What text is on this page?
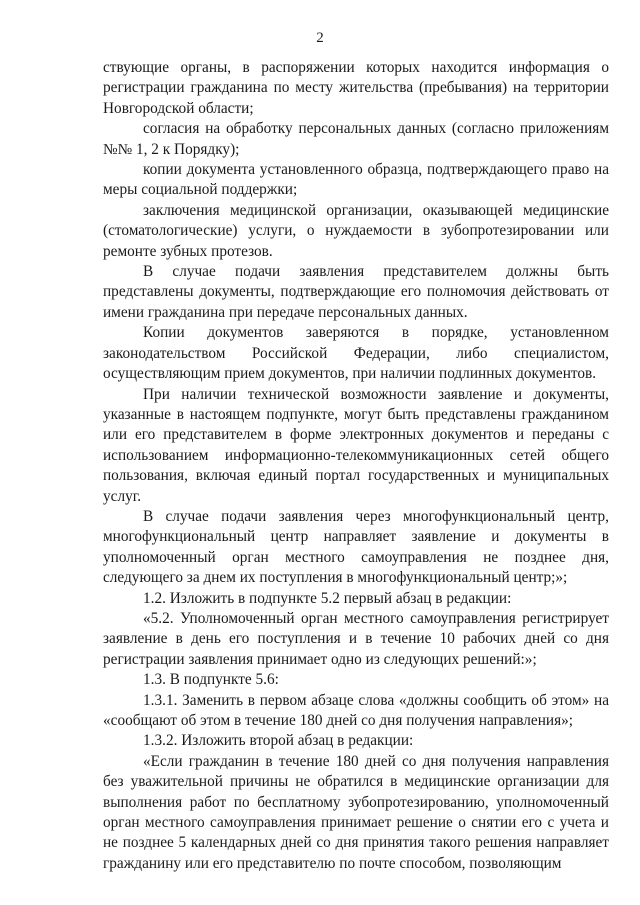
2

ствующие органы, в распоряжении которых находится информация о регистрации гражданина по месту жительства (пребывания) на территории Новгородской области;

согласия на обработку персональных данных (согласно приложениям №№ 1, 2 к Порядку);

копии документа установленного образца, подтверждающего право на меры социальной поддержки;

заключения медицинской организации, оказывающей медицинские (стоматологические) услуги, о нуждаемости в зубопротезировании или ремонте зубных протезов.

В случае подачи заявления представителем должны быть представлены документы, подтверждающие его полномочия действовать от имени гражданина при передаче персональных данных.

Копии документов заверяются в порядке, установленном законодательством Российской Федерации, либо специалистом, осуществляющим прием документов, при наличии подлинных документов.

При наличии технической возможности заявление и документы, указанные в настоящем подпункте, могут быть представлены гражданином или его представителем в форме электронных документов и переданы с использованием информационно-телекоммуникационных сетей общего пользования, включая единый портал государственных и муниципальных услуг.

В случае подачи заявления через многофункциональный центр, многофункциональный центр направляет заявление и документы в уполномоченный орган местного самоуправления не позднее дня, следующего за днем их поступления в многофункциональный центр;»;

1.2. Изложить в подпункте 5.2 первый абзац в редакции:

«5.2. Уполномоченный орган местного самоуправления регистрирует заявление в день его поступления и в течение 10 рабочих дней со дня регистрации заявления принимает одно из следующих решений:»;

1.3. В подпункте 5.6:

1.3.1. Заменить в первом абзаце слова «должны сообщить об этом» на «сообщают об этом в течение 180 дней со дня получения направления»;

1.3.2. Изложить второй абзац в редакции:

«Если гражданин в течение 180 дней со дня получения направления без уважительной причины не обратился в медицинские организации для выполнения работ по бесплатному зубопротезированию, уполномоченный орган местного самоуправления принимает решение о снятии его с учета и не позднее 5 календарных дней со дня принятия такого решения направляет гражданину или его представителю по почте способом, позволяющим
